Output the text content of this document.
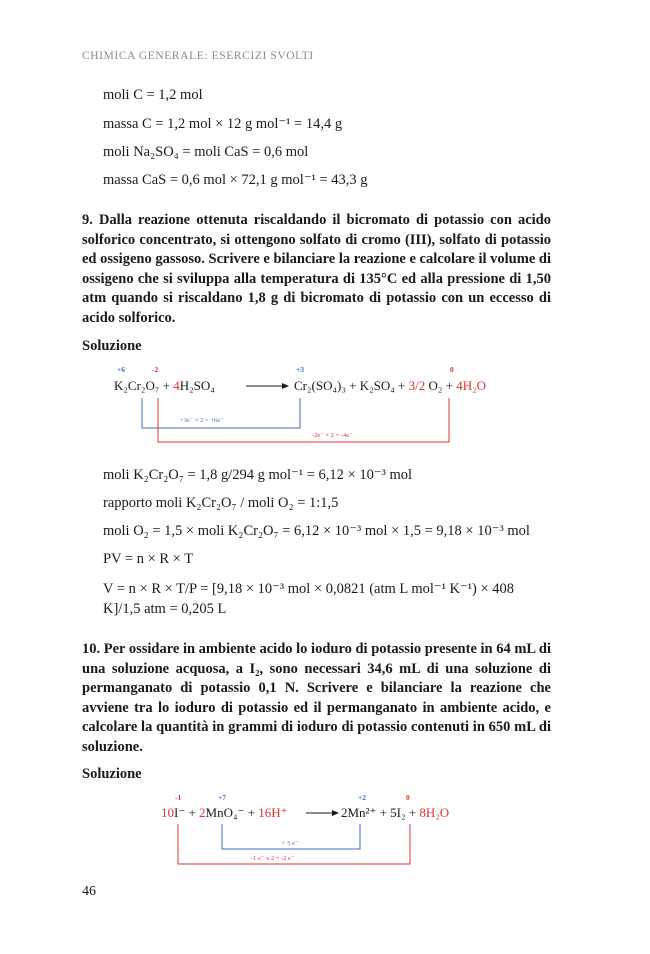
CHIMICA GENERALE: ESERCIZI SVOLTI
moli C = 1,2 mol
massa C = 1,2 mol × 12 g mol⁻¹ = 14,4 g
moli Na₂SO₄ = moli CaS = 0,6 mol
massa CaS = 0,6 mol × 72,1 g mol⁻¹ = 43,3 g
9. Dalla reazione ottenuta riscaldando il bicromato di potassio con acido solforico concentrato, si ottengono solfato di cromo (III), solfato di potassio ed ossigeno gassoso. Scrivere e bilanciare la reazione e calcolare il volume di ossigeno che si sviluppa alla temperatura di 135°C ed alla pressione di 1,50 atm quando si riscaldano 1,8 g di bicromato di potassio con un eccesso di acido solforico.
Soluzione
+6	-2	+3	0
K₂Cr₂O₇ + 4H₂SO₄	Cr₂(SO₄)₃ + K₂SO₄ + 3/2 O₂ + 4H₂O
+3e⁻ × 2 = +6e⁻
-2e⁻ × 2 = -4e⁻
moli K₂Cr₂O₇ = 1,8 g/294 g mol⁻¹ = 6,12 × 10⁻³ mol
rapporto moli K₂Cr₂O₇ / moli O₂ = 1:1,5
moli O₂ = 1,5 × moli K₂Cr₂O₇ = 6,12 × 10⁻³ mol × 1,5 = 9,18 × 10⁻³ mol
PV = n × R × T
V = n × R × T/P = [9,18 × 10⁻³ mol × 0,0821 (atm L mol⁻¹ K⁻¹) × 408 K]/1,5 atm = 0,205 L
10. Per ossidare in ambiente acido lo ioduro di potassio presente in 64 mL di una soluzione acquosa, a I₂, sono necessari 34,6 mL di una soluzione di permanganato di potassio 0,1 N. Scrivere e bilanciare la reazione che avviene tra lo ioduro di potassio ed il permanganato in ambiente acido, e calcolare la quantità in grammi di ioduro di potassio contenuti in 650 mL di soluzione.
Soluzione
-1	+7	+2	0
10I⁻ + 2MnO₄⁻ + 16H⁺	2Mn²⁺ + 5I₂ + 8H₂O
+ 5 e⁻
-1 e⁻ x 2 = -2 e⁻
46
